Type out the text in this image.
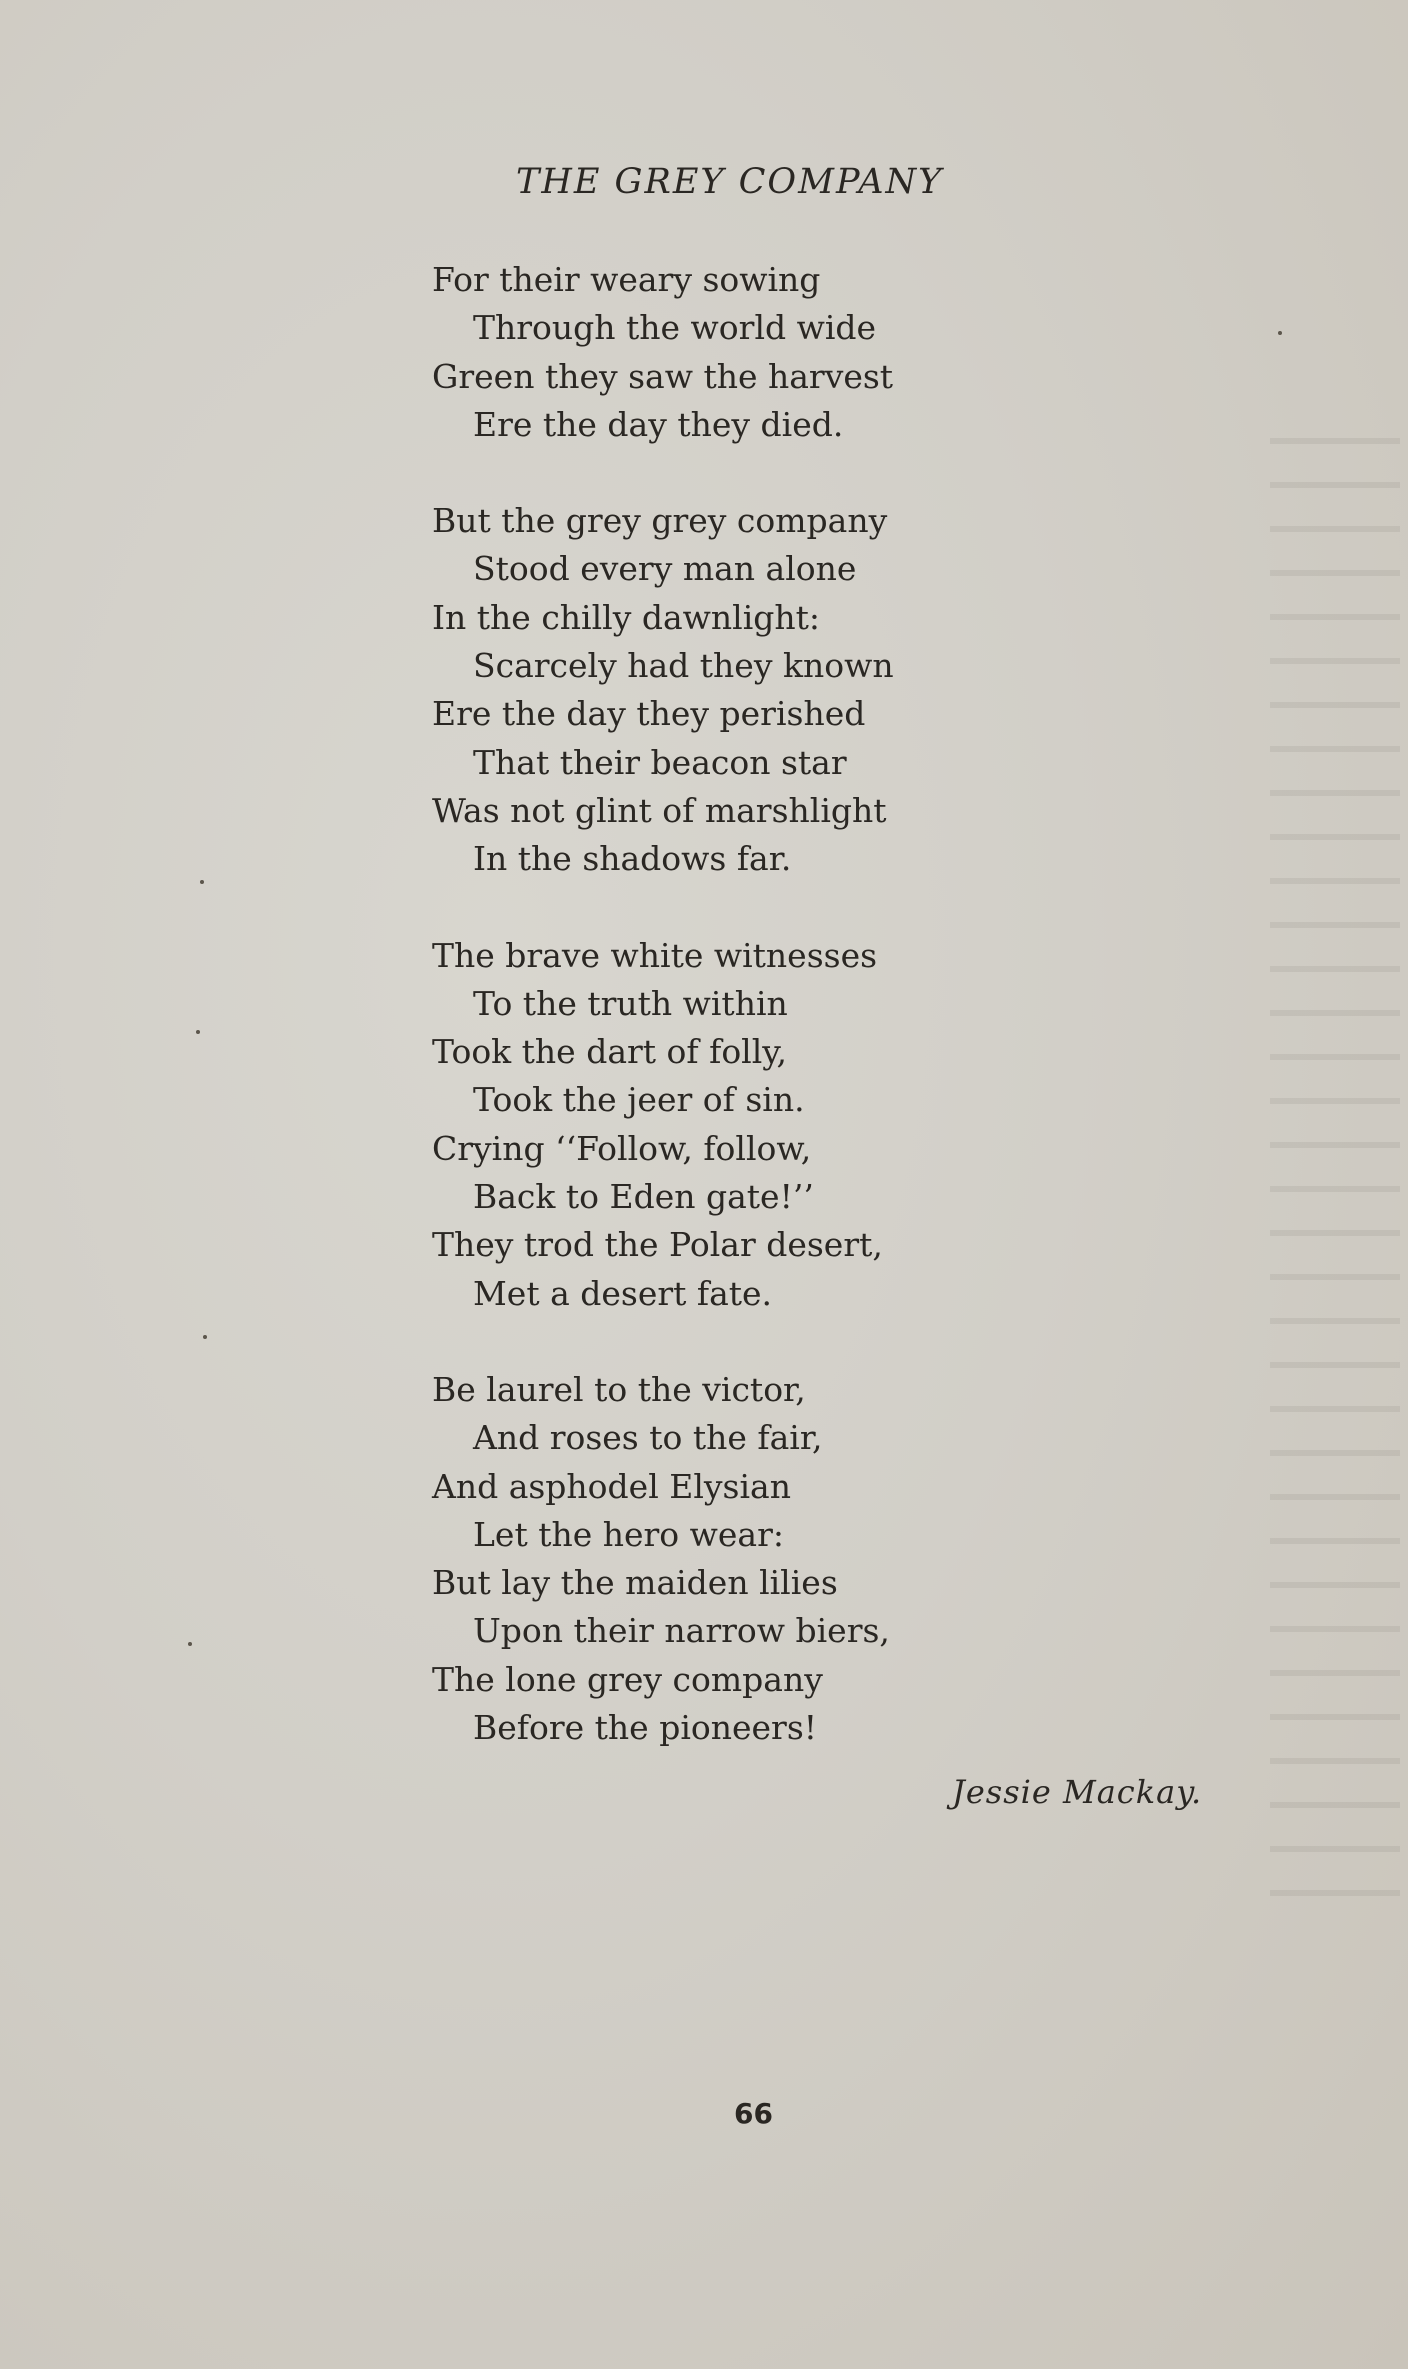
THE GREY COMPANY
For their weary sowing
Through the world wide
Green they saw the harvest
Ere the day they died.
But the grey grey company
Stood every man alone
In the chilly dawnlight:
Scarcely had they known
Ere the day they perished
That their beacon star
Was not glint of marshlight
In the shadows far.
The brave white witnesses
To the truth within
Took the dart of folly,
Took the jeer of sin.
Crying ‘‘Follow, follow,
Back to Eden gate!’’
They trod the Polar desert,
Met a desert fate.
Be laurel to the victor,
And roses to the fair,
And asphodel Elysian
Let the hero wear:
But lay the maiden lilies
Upon their narrow biers,
The lone grey company
Before the pioneers!

Jessie Mackay.

66
